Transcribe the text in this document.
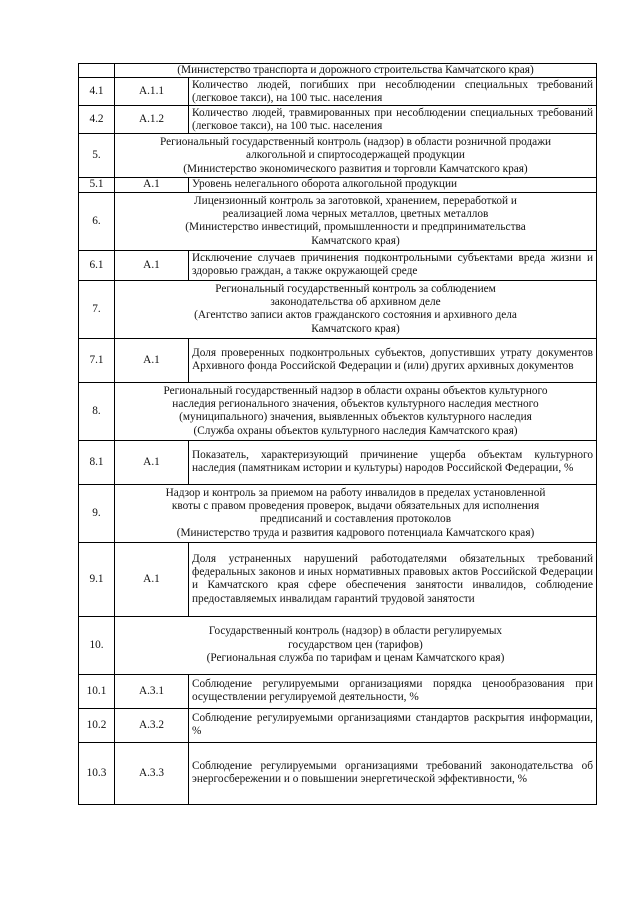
	(Министерство транспорта и дорожного строительства Камчатского края)	

4.1	А.1.1	Количество людей, погибших при несоблюдении специальных требований (легковое такси), на 100 тыс. населения
4.2	А.1.2	Количество людей, травмированных при несоблюдении специальных требований (легковое такси), на 100 тыс. населения
5.	Региональный государственный контроль (надзор) в области розничной продажи
алкогольной и спиртосодержащей продукции
(Министерство экономического развития и торговли Камчатского края)	

5.1	А.1	Уровень нелегального оборота алкогольной продукции
6.	Лицензионный контроль за заготовкой, хранением, переработкой и
реализацией лома черных металлов, цветных металлов
(Министерство инвестиций, промышленности и предпринимательства
Камчатского края)	

6.1	А.1	Исключение случаев причинения подконтрольными субъектами вреда жизни и здоровью граждан, а также окружающей среде
7.	Региональный государственный контроль за соблюдением
законодательства об архивном деле
(Агентство записи актов гражданского состояния и архивного дела
Камчатского края)	

7.1	А.1	Доля проверенных подконтрольных субъектов, допустивших утрату документов Архивного фонда Российской Федерации и (или) других архивных документов
8.	Региональный государственный надзор в области охраны объектов культурного
наследия регионального значения, объектов культурного наследия местного
(муниципального) значения, выявленных объектов культурного наследия
(Служба охраны объектов культурного наследия Камчатского края)	

8.1	А.1	Показатель, характеризующий причинение ущерба объектам культурного наследия (памятникам истории и культуры) народов Российской Федерации, %
9.	Надзор и контроль за приемом на работу инвалидов в пределах установленной
квоты с правом проведения проверок, выдачи обязательных для исполнения
предписаний и составления протоколов
(Министерство труда и развития кадрового потенциала Камчатского края)	

9.1	А.1	Доля устраненных нарушений работодателями обязательных требований федеральных законов и иных нормативных правовых актов Российской Федерации и Камчатского края сфере обеспечения занятости инвалидов, соблюдение предоставляемых инвалидам гарантий трудовой занятости
10.	Государственный контроль (надзор) в области регулируемых
государством цен (тарифов)
(Региональная служба по тарифам и ценам Камчатского края)	

10.1	А.3.1	Соблюдение регулируемыми организациями порядка ценообразования при осуществлении регулируемой деятельности, %
10.2	А.3.2	Соблюдение регулируемыми организациями стандартов раскрытия информации, %
10.3	А.3.3	Соблюдение регулируемыми организациями требований законодательства об энергосбережении и о повышении энергетической эффективности, %
